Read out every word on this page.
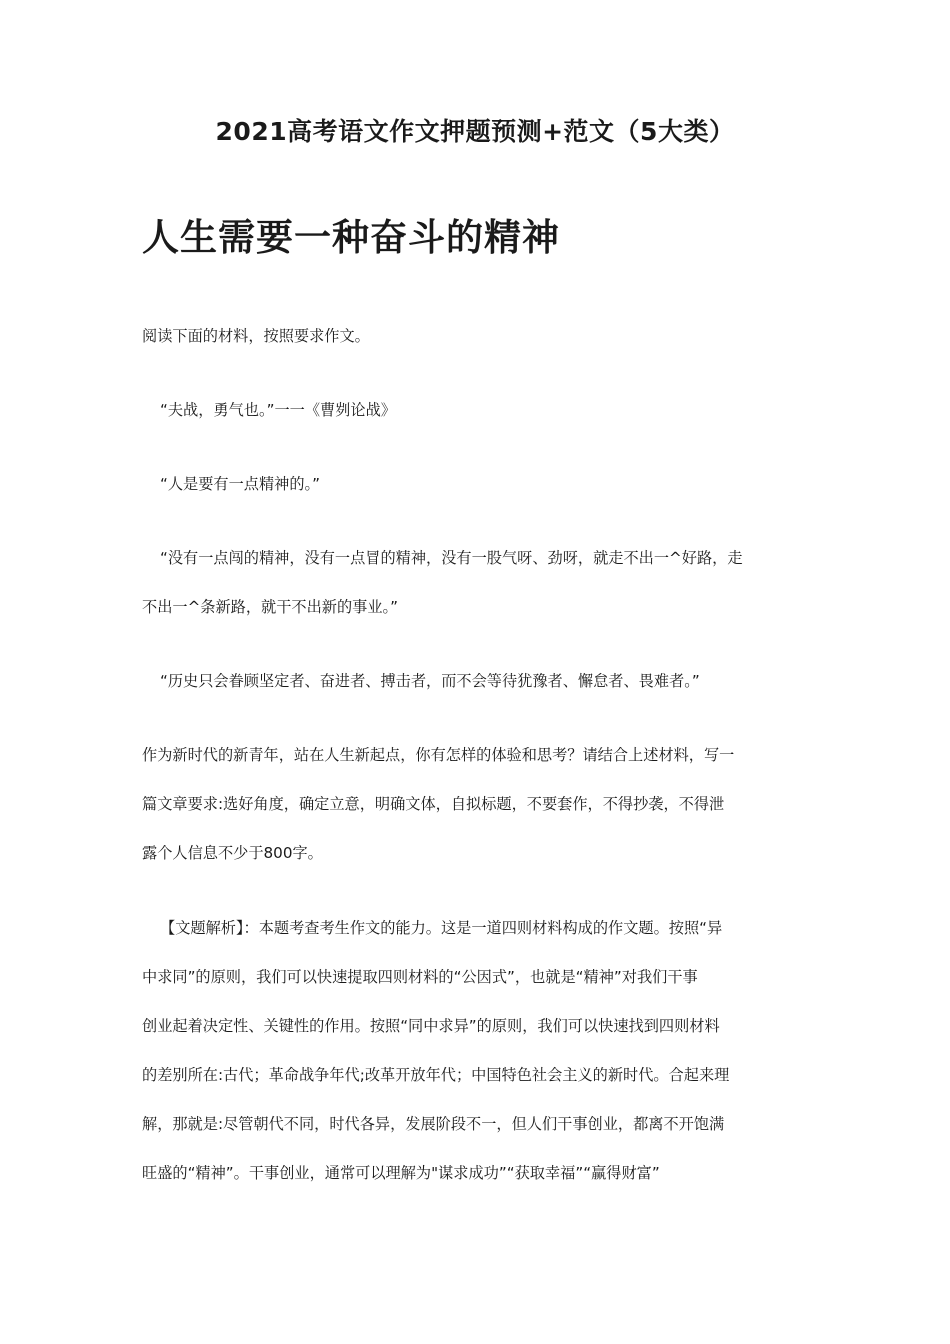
2021高考语文作文押题预测+范文（5大类）
人生需要一种奋斗的精神
阅读下面的材料，按照要求作文。
“夫战，勇气也。”一一《曹刿论战》
“人是要有一点精神的。”
“没有一点闯的精神，没有一点冒的精神，没有一股气呀、劲呀，就走不出一^好路，走
不出一^条新路，就干不出新的事业。”
“历史只会眷顾坚定者、奋进者、搏击者，而不会等待犹豫者、懈怠者、畏难者。”
作为新时代的新青年，站在人生新起点，你有怎样的体验和思考？请结合上述材料，写一
篇文章要求:选好角度，确定立意，明确文体，自拟标题，不要套作，不得抄袭，不得泄
露个人信息不少于800字。
【文题解析】：本题考查考生作文的能力。这是一道四则材料构成的作文题。按照“异
中求同”的原则，我们可以快速提取四则材料的“公因式”，也就是“精神”对我们干事
创业起着决定性、关键性的作用。按照“同中求异”的原则，我们可以快速找到四则材料
的差别所在:古代；革命战争年代;改革开放年代；中国特色社会主义的新时代。合起来理
解，那就是:尽管朝代不同，时代各异，发展阶段不一，但人们干事创业，都离不开饱满
旺盛的“精神”。干事创业，通常可以理解为"谋求成功”“获取幸福”“赢得财富”
